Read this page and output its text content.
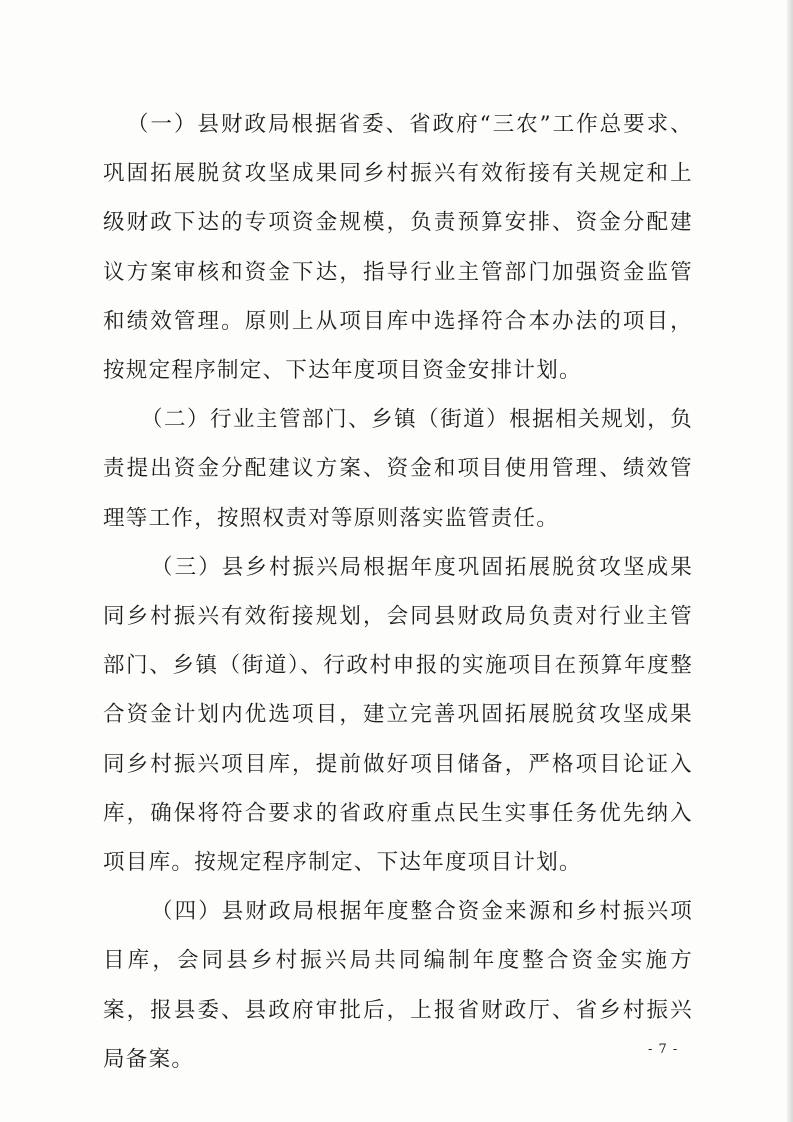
（一）县财政局根据省委、省政府“三农”工作总要求、巩固拓展脱贫攻坚成果同乡村振兴有效衔接有关规定和上级财政下达的专项资金规模，负责预算安排、资金分配建议方案审核和资金下达，指导行业主管部门加强资金监管和绩效管理。原则上从项目库中选择符合本办法的项目，按规定程序制定、下达年度项目资金安排计划。

（二）行业主管部门、乡镇（街道）根据相关规划，负责提出资金分配建议方案、资金和项目使用管理、绩效管理等工作，按照权责对等原则落实监管责任。

（三）县乡村振兴局根据年度巩固拓展脱贫攻坚成果同乡村振兴有效衔接规划，会同县财政局负责对行业主管部门、乡镇（街道）、行政村申报的实施项目在预算年度整合资金计划内优选项目，建立完善巩固拓展脱贫攻坚成果同乡村振兴项目库，提前做好项目储备，严格项目论证入库，确保将符合要求的省政府重点民生实事任务优先纳入项目库。按规定程序制定、下达年度项目计划。

（四）县财政局根据年度整合资金来源和乡村振兴项目库，会同县乡村振兴局共同编制年度整合资金实施方案，报县委、县政府审批后，上报省财政厅、省乡村振兴局备案。	- 7 -
